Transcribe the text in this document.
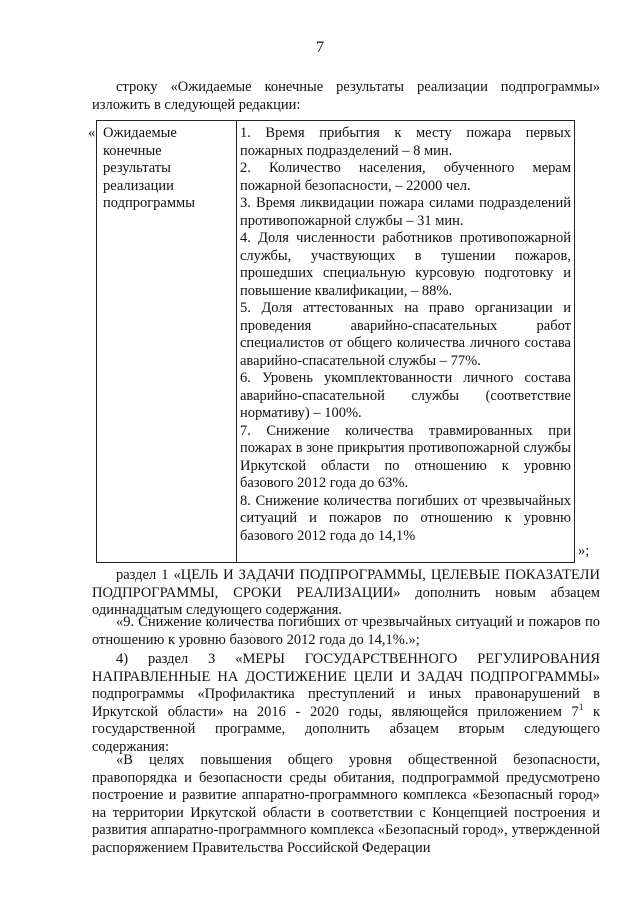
7
строку «Ожидаемые конечные результаты реализации подпрограммы» изложить в следующей редакции:
« Ожидаемые
конечные
результаты
реализации
подпрограммы

1. Время прибытия к месту пожара первых пожарных подразделений – 8 мин.

2. Количество населения, обученного мерам пожарной безопасности, – 22000 чел.

3. Время ликвидации пожара силами подразделений противопожарной службы – 31 мин.

4. Доля численности работников противопожарной службы, участвующих в тушении пожаров, прошедших специальную курсовую подготовку и повышение квалификации, – 88%.

5. Доля аттестованных на право организации и проведения аварийно-спасательных работ специалистов от общего количества личного состава аварийно-спасательной службы – 77%.

6. Уровень укомплектованности личного состава аварийно-спасательной службы (соответствие нормативу) – 100%.

7. Снижение количества травмированных при пожарах в зоне прикрытия противопожарной службы Иркутской области по отношению к уровню базового 2012 года до 63%.

8. Снижение количества погибших от чрезвычайных ситуаций и пожаров по отношению к уровню базового 2012 года до 14,1%

»;
раздел 1 «ЦЕЛЬ И ЗАДАЧИ ПОДПРОГРАММЫ, ЦЕЛЕВЫЕ ПОКАЗАТЕЛИ ПОДПРОГРАММЫ, СРОКИ РЕАЛИЗАЦИИ» дополнить новым абзацем одиннадцатым следующего содержания.
«9. Снижение количества погибших от чрезвычайных ситуаций и пожаров по отношению к уровню базового 2012 года до 14,1%.»;
4) раздел 3 «МЕРЫ ГОСУДАРСТВЕННОГО РЕГУЛИРОВАНИЯ НАПРАВЛЕННЫЕ НА ДОСТИЖЕНИЕ ЦЕЛИ И ЗАДАЧ ПОДПРОГРАММЫ» подпрограммы «Профилактика преступлений и иных правонарушений в Иркутской области» на 2016 - 2020 годы, являющейся приложением $7^1$ к государственной программе, дополнить абзацем вторым следующего содержания:
«В целях повышения общего уровня общественной безопасности, правопорядка и безопасности среды обитания, подпрограммой предусмотрено построение и развитие аппаратно-программного комплекса «Безопасный город» на территории Иркутской области в соответствии с Концепцией построения и развития аппаратно-программного комплекса «Безопасный город», утвержденной распоряжением Правительства Российской Федерации
